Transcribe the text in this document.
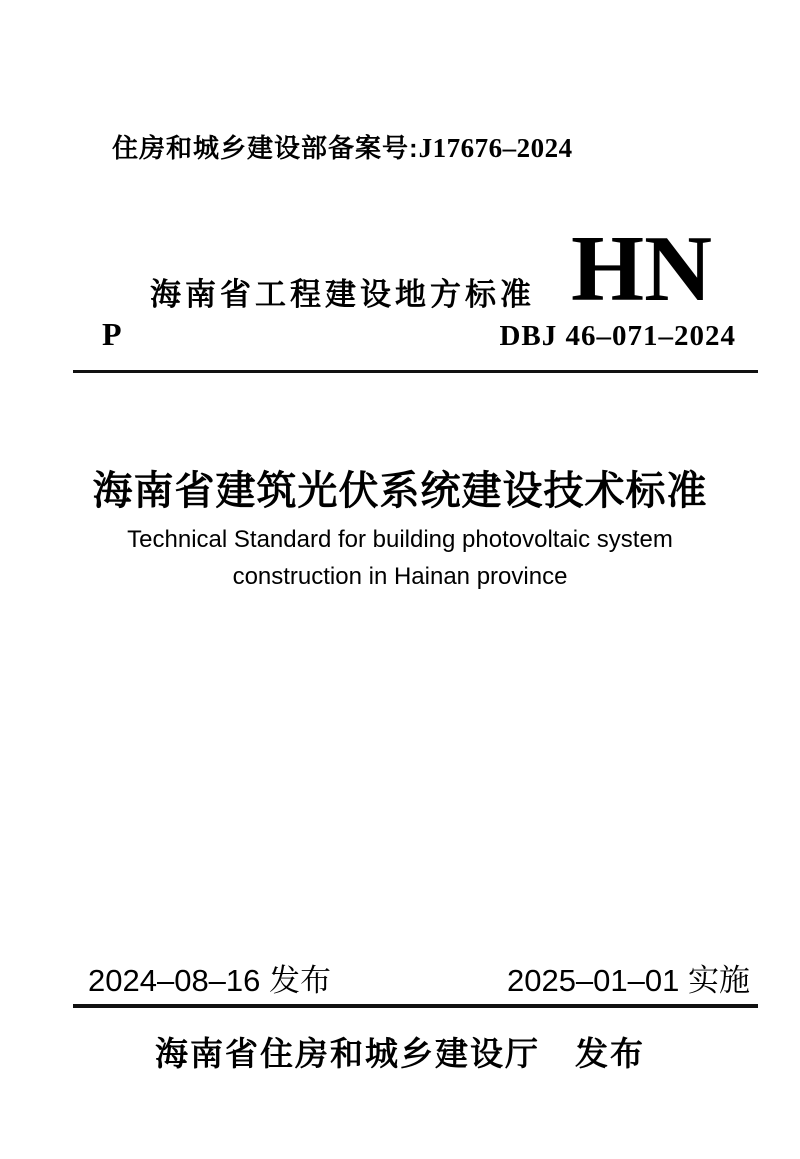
住房和城乡建设部备案号:J17676–2024
海南省工程建设地方标准 HN
P	DBJ 46–071–2024
海南省建筑光伏系统建设技术标准
Technical Standard for building photovoltaic system
construction in Hainan province
2024–08–16 发布	2025–01–01 实施
海南省住房和城乡建设厅　发布
